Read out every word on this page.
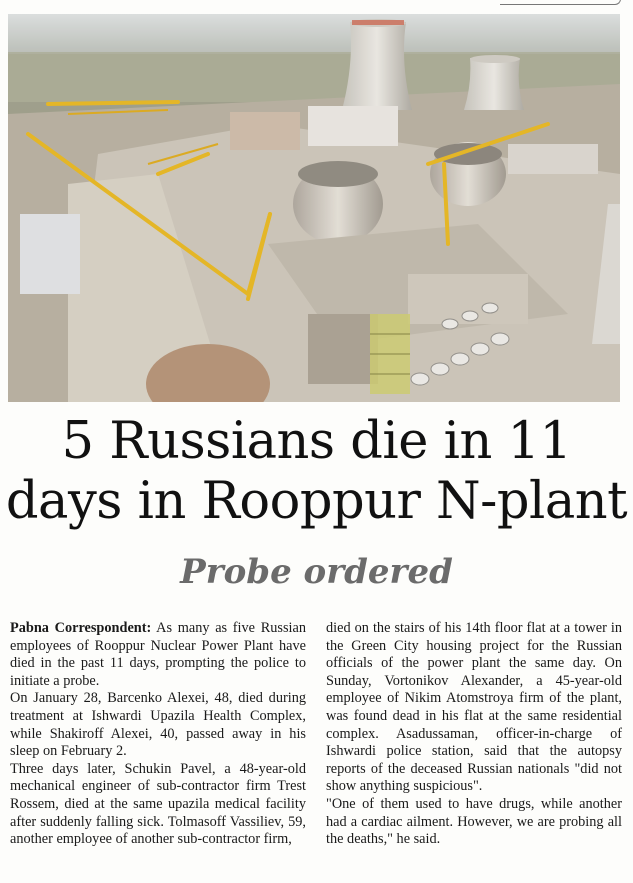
5 Russians die in 11
days in Rooppur N-plant
Probe ordered

Pabna Correspondent: As many as five Russian employees of Rooppur Nuclear Power Plant have died in the past 11 days, prompting the police to initiate a probe.

On January 28, Barcenko Alexei, 48, died during treatment at Ishwardi Upazila Health Complex, while Shakiroff Alexei, 40, passed away in his sleep on February 2.

Three days later, Schukin Pavel, a 48-year-old mechanical engineer of sub-contractor firm Trest Rossem, died at the same upazila medical facility after suddenly falling sick. Tolmasoff Vassiliev, 59, another employee of another sub-contractor firm,

died on the stairs of his 14th floor flat at a tower in the Green City housing project for the Russian officials of the power plant the same day. On Sunday, Vortonikov Alexander, a 45-year-old employee of Nikim Atomstroya firm of the plant, was found dead in his flat at the same residential complex. Asadussaman, officer-in-charge of Ishwardi police station, said that the autopsy reports of the deceased Russian nationals "did not show anything suspicious".

"One of them used to have drugs, while another had a cardiac ailment. However, we are probing all the deaths," he said.
